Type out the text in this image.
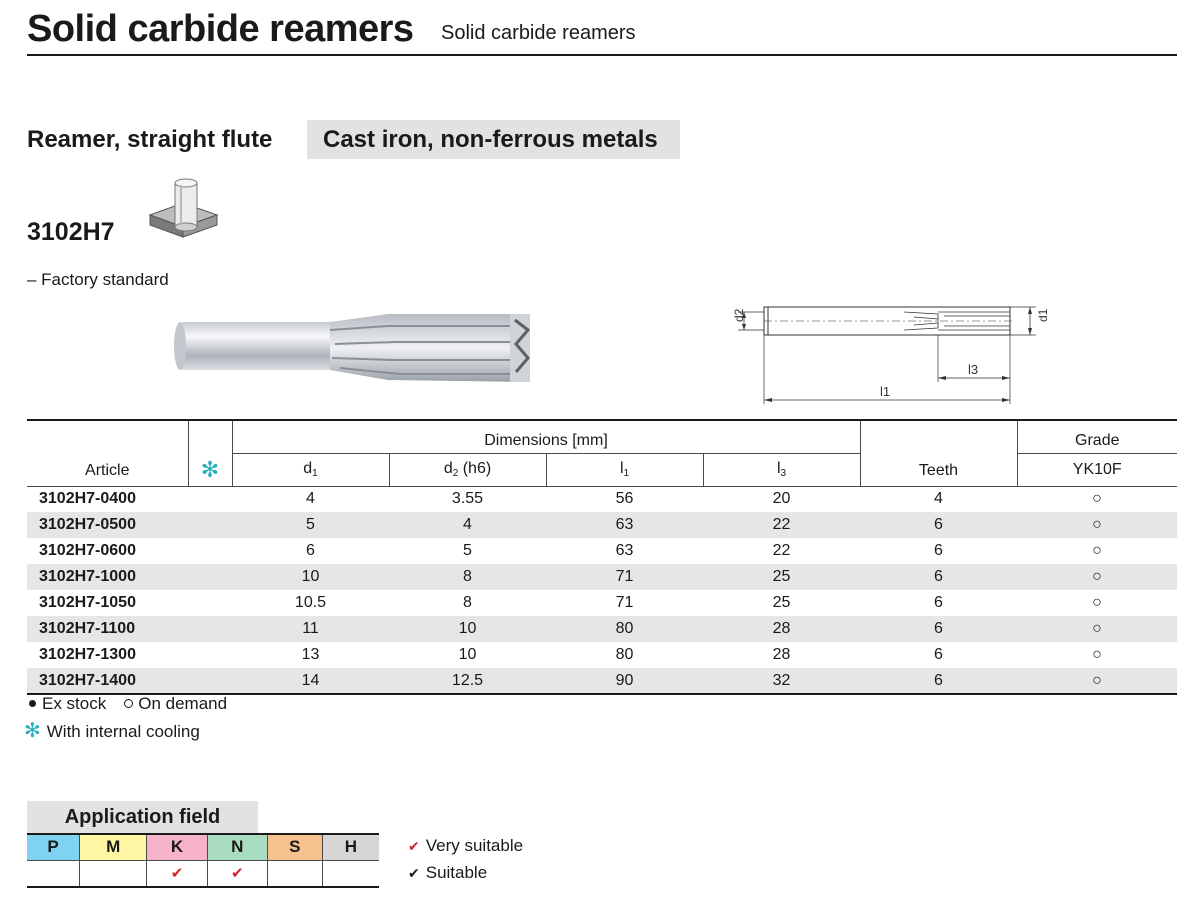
Solid carbide reamers Solid carbide reamers
Reamer, straight flute	Cast iron, non-ferrous metals
3102H7
– Factory standard
d2	d1
l3
l1
Article	✻	Dimensions [mm]				Teeth	Grade
		$d_1$	$d_2$ (h6)	$l_1$	$l_3$		YK10F
3102H7-0400		4	3.55	56	20	4	○
3102H7-0500		5	4	63	22	6	○
3102H7-0600		6	5	63	22	6	○
3102H7-1000		10	8	71	25	6	○
3102H7-1050		10.5	8	71	25	6	○
3102H7-1100		11	10	80	28	6	○
3102H7-1300		13	10	80	28	6	○
3102H7-1400		14	12.5	90	32	6	○
Ex stock On demand
✻ With internal cooling
Application field
P	M	K	N	S	H
		✔	✔		
✔ Very suitable
✔ Suitable
